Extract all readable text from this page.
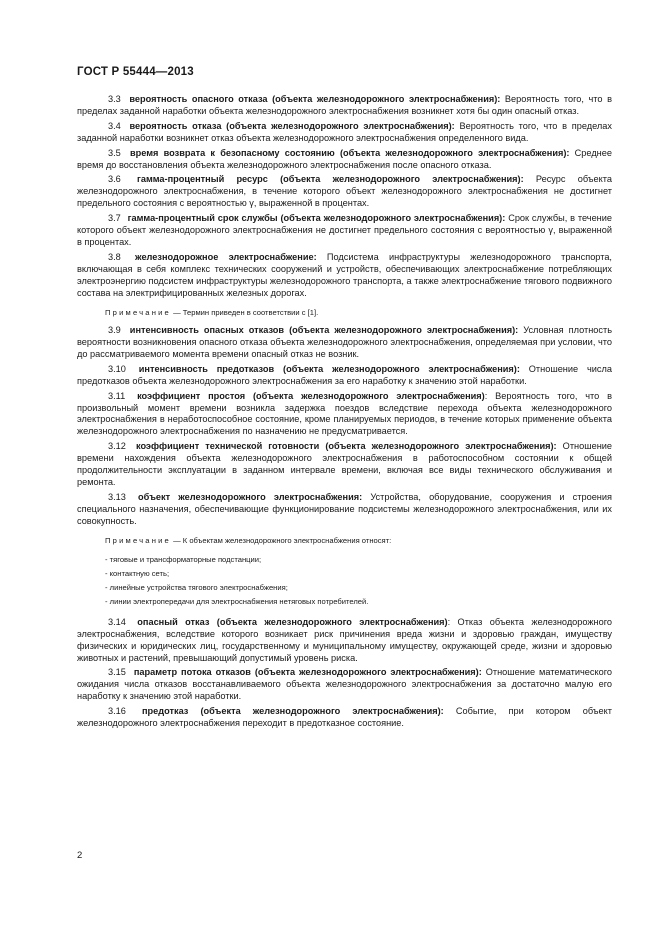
ГОСТ Р 55444—2013

3.3 вероятность опасного отказа (объекта железнодорожного электроснабжения): Вероятность того, что в пределах заданной наработки объекта железнодорожного электроснабжения возникнет хотя бы один опасный отказ.

3.4 вероятность отказа (объекта железнодорожного электроснабжения): Вероятность того, что в пределах заданной наработки возникнет отказ объекта железнодорожного электроснабжения определенного вида.

3.5 время возврата к безопасному состоянию (объекта железнодорожного электроснабжения): Среднее время до восстановления объекта железнодорожного электроснабжения после опасного отказа.

3.6 гамма-процентный ресурс (объекта железнодорожного электроснабжения): Ресурс объекта железнодорожного электроснабжения, в течение которого объект железнодорожного электроснабжения не достигнет предельного состояния с вероятностью γ, выраженной в процентах.

3.7 гамма-процентный срок службы (объекта железнодорожного электроснабжения): Срок службы, в течение которого объект железнодорожного электроснабжения не достигнет предельного состояния с вероятностью γ, выраженной в процентах.

3.8 железнодорожное электроснабжение: Подсистема инфраструктуры железнодорожного транспорта, включающая в себя комплекс технических сооружений и устройств, обеспечивающих электроснабжение потребляющих электроэнергию подсистем инфраструктуры железнодорожного транспорта, а также электроснабжение тягового подвижного состава на электрифицированных железных дорогах.

Примечание — Термин приведен в соответствии с [1].

3.9 интенсивность опасных отказов (объекта железнодорожного электроснабжения): Условная плотность вероятности возникновения опасного отказа объекта железнодорожного электроснабжения, определяемая при условии, что до рассматриваемого момента времени опасный отказ не возник.

3.10 интенсивность предотказов (объекта железнодорожного электроснабжения): Отношение числа предотказов объекта железнодорожного электроснабжения за его наработку к значению этой наработки.

3.11 коэффициент простоя (объекта железнодорожного электроснабжения): Вероятность того, что в произвольный момент времени возникла задержка поездов вследствие перехода объекта железнодорожного электроснабжения в неработоспособное состояние, кроме планируемых периодов, в течение которых применение объекта железнодорожного электроснабжения по назначению не предусматривается.

3.12 коэффициент технической готовности (объекта железнодорожного электроснабжения): Отношение времени нахождения объекта железнодорожного электроснабжения в работоспособном состоянии к общей продолжительности эксплуатации в заданном интервале времени, включая все виды технического обслуживания и ремонта.

3.13 объект железнодорожного электроснабжения: Устройства, оборудование, сооружения и строения специального назначения, обеспечивающие функционирование подсистемы железнодорожного электроснабжения, или их совокупность.

Примечание — К объектам железнодорожного электроснабжения относят:

- тяговые и трансформаторные подстанции;
- контактную сеть;
- линейные устройства тягового электроснабжения;
- линии электропередачи для электроснабжения нетяговых потребителей.

3.14 опасный отказ (объекта железнодорожного электроснабжения): Отказ объекта железнодорожного электроснабжения, вследствие которого возникает риск причинения вреда жизни и здоровью граждан, имуществу физических и юридических лиц, государственному и муниципальному имуществу, окружающей среде, жизни и здоровью животных и растений, превышающий допустимый уровень риска.

3.15 параметр потока отказов (объекта железнодорожного электроснабжения): Отношение математического ожидания числа отказов восстанавливаемого объекта железнодорожного электроснабжения за достаточно малую его наработку к значению этой наработки.

3.16 предотказ (объекта железнодорожного электроснабжения): Событие, при котором объект железнодорожного электроснабжения переходит в предотказное состояние.

2
